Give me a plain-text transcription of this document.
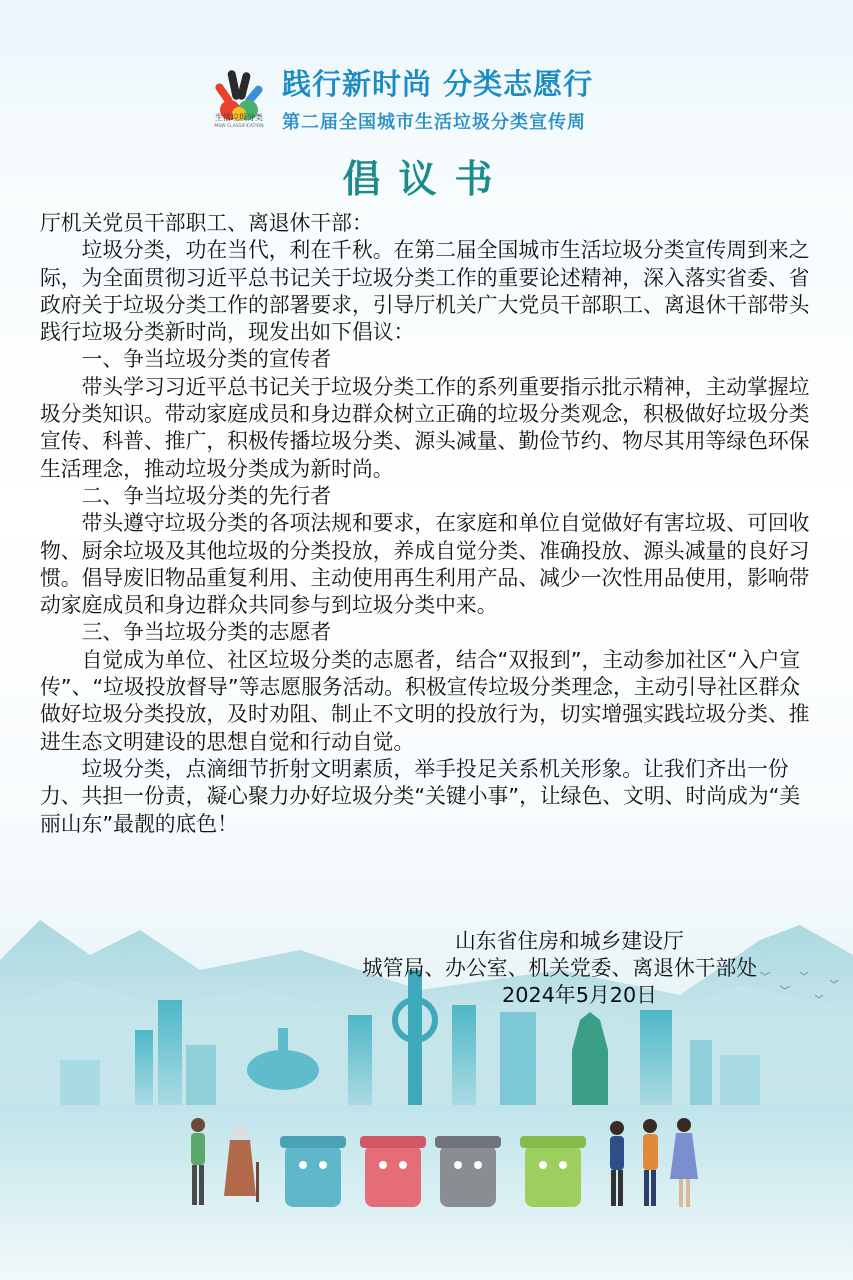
生活垃圾分类
MSW CLASSIFICATION
践行新时尚 分类志愿行
第二届全国城市生活垃圾分类宣传周
倡议书

厅机关党员干部职工、离退休干部：

垃圾分类，功在当代，利在千秋。在第二届全国城市生活垃圾分类宣传周到来之际，为全面贯彻习近平总书记关于垃圾分类工作的重要论述精神，深入落实省委、省政府关于垃圾分类工作的部署要求，引导厅机关广大党员干部职工、离退休干部带头践行垃圾分类新时尚，现发出如下倡议：

一、争当垃圾分类的宣传者

带头学习习近平总书记关于垃圾分类工作的系列重要指示批示精神，主动掌握垃圾分类知识。带动家庭成员和身边群众树立正确的垃圾分类观念，积极做好垃圾分类宣传、科普、推广，积极传播垃圾分类、源头减量、勤俭节约、物尽其用等绿色环保生活理念，推动垃圾分类成为新时尚。

二、争当垃圾分类的先行者

带头遵守垃圾分类的各项法规和要求，在家庭和单位自觉做好有害垃圾、可回收物、厨余垃圾及其他垃圾的分类投放，养成自觉分类、准确投放、源头减量的良好习惯。倡导废旧物品重复利用、主动使用再生利用产品、减少一次性用品使用，影响带动家庭成员和身边群众共同参与到垃圾分类中来。

三、争当垃圾分类的志愿者

自觉成为单位、社区垃圾分类的志愿者，结合“双报到”，主动参加社区“入户宣传”、“垃圾投放督导”等志愿服务活动。积极宣传垃圾分类理念，主动引导社区群众做好垃圾分类投放，及时劝阻、制止不文明的投放行为，切实增强实践垃圾分类、推进生态文明建设的思想自觉和行动自觉。

垃圾分类，点滴细节折射文明素质，举手投足关系机关形象。让我们齐出一份力、共担一份责，凝心聚力办好垃圾分类“关键小事”，让绿色、文明、时尚成为“美丽山东”最靓的底色！

山东省住房和城乡建设厅
城管局、办公室、机关党委、离退休干部处
2024年5月20日
